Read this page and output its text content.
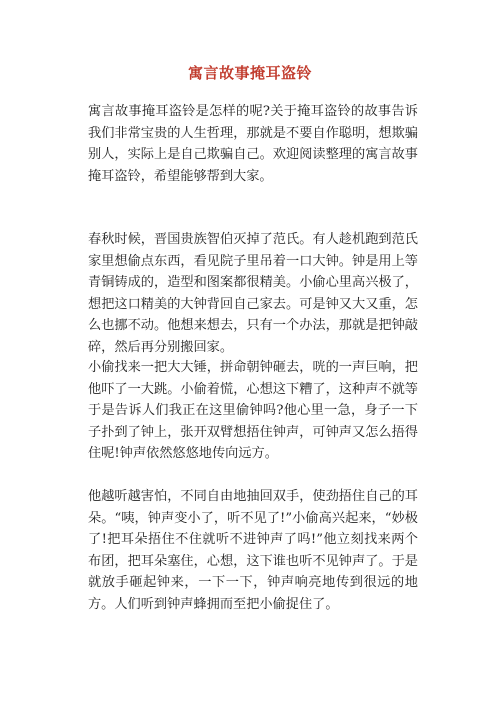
寓言故事掩耳盗铃
寓言故事掩耳盗铃是怎样的呢?关于掩耳盗铃的故事告诉我们非常宝贵的人生哲理，那就是不要自作聪明，想欺骗别人，实际上是自己欺骗自己。欢迎阅读整理的寓言故事掩耳盗铃，希望能够帮到大家。
春秋时候，晋国贵族智伯灭掉了范氏。有人趁机跑到范氏家里想偷点东西，看见院子里吊着一口大钟。钟是用上等青铜铸成的，造型和图案都很精美。小偷心里高兴极了，想把这口精美的大钟背回自己家去。可是钟又大又重，怎么也挪不动。他想来想去，只有一个办法，那就是把钟敲碎，然后再分别搬回家。
小偷找来一把大大锤，拼命朝钟砸去，咣的一声巨响，把他吓了一大跳。小偷着慌，心想这下糟了，这种声不就等于是告诉人们我正在这里偷钟吗?他心里一急，身子一下子扑到了钟上，张开双臂想捂住钟声，可钟声又怎么捂得住呢!钟声依然悠悠地传向远方。
他越听越害怕，不同自由地抽回双手，使劲捂住自己的耳朵。“咦，钟声变小了，听不见了!”小偷高兴起来，“妙极了!把耳朵捂住不住就听不进钟声了吗!”他立刻找来两个布团，把耳朵塞住，心想，这下谁也听不见钟声了。于是就放手砸起钟来，一下一下，钟声响亮地传到很远的地方。人们听到钟声蜂拥而至把小偷捉住了。
